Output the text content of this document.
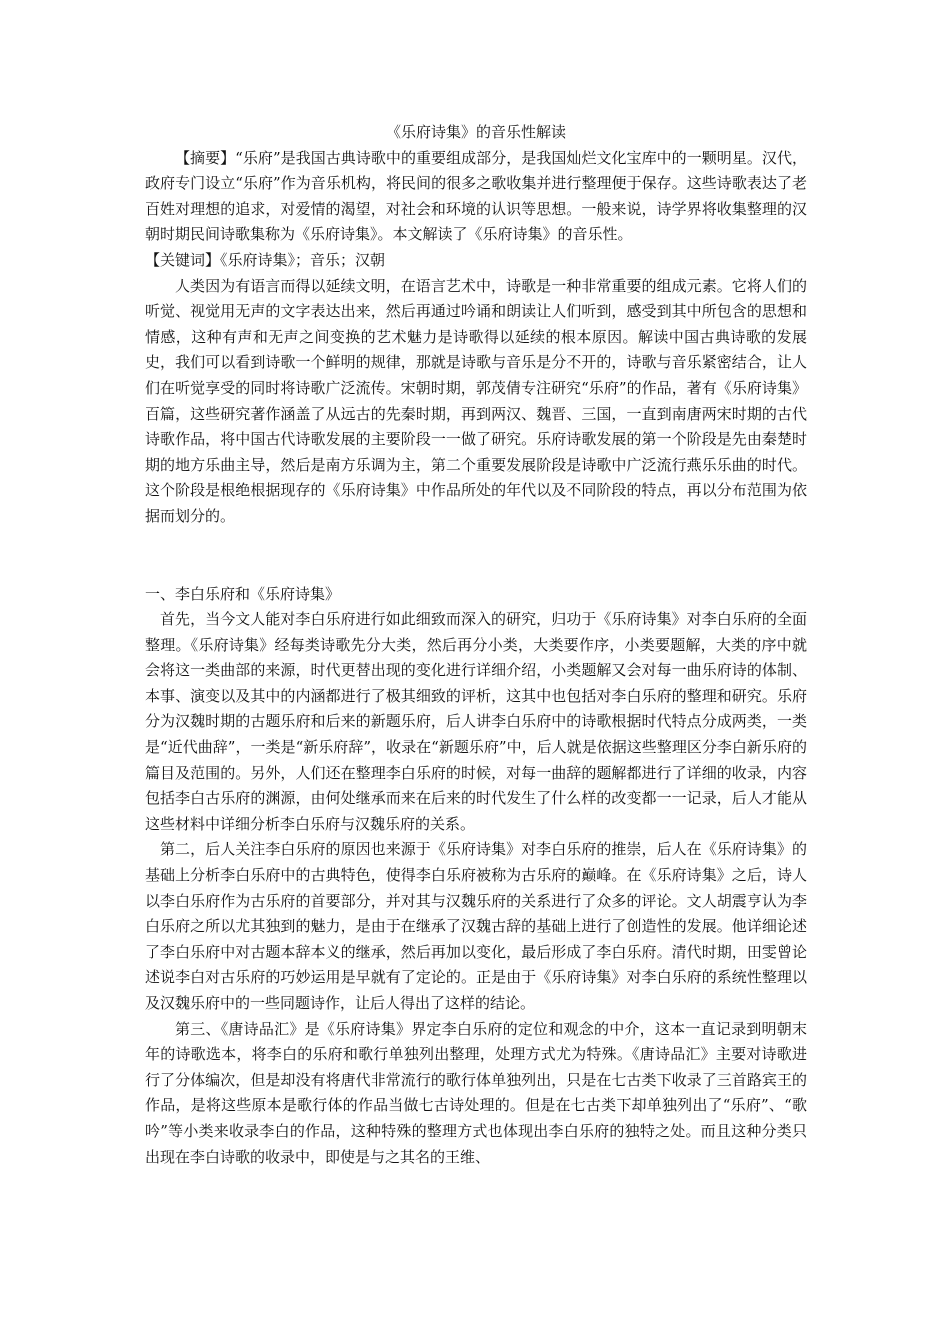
《乐府诗集》的音乐性解读

【摘要】“乐府”是我国古典诗歌中的重要组成部分，是我国灿烂文化宝库中的一颗明星。汉代，政府专门设立“乐府”作为音乐机构，将民间的很多之歌收集并进行整理便于保存。这些诗歌表达了老百姓对理想的追求，对爱情的渴望，对社会和环境的认识等思想。一般来说，诗学界将收集整理的汉朝时期民间诗歌集称为《乐府诗集》。本文解读了《乐府诗集》的音乐性。

【关键词】《乐府诗集》；音乐；汉朝

人类因为有语言而得以延续文明，在语言艺术中，诗歌是一种非常重要的组成元素。它将人们的听觉、视觉用无声的文字表达出来，然后再通过吟诵和朗读让人们听到，感受到其中所包含的思想和情感，这种有声和无声之间变换的艺术魅力是诗歌得以延续的根本原因。解读中国古典诗歌的发展史，我们可以看到诗歌一个鲜明的规律，那就是诗歌与音乐是分不开的，诗歌与音乐紧密结合，让人们在听觉享受的同时将诗歌广泛流传。宋朝时期，郭茂倩专注研究“乐府”的作品，著有《乐府诗集》百篇，这些研究著作涵盖了从远古的先秦时期，再到两汉、魏晋、三国，一直到南唐两宋时期的古代诗歌作品，将中国古代诗歌发展的主要阶段一一做了研究。乐府诗歌发展的第一个阶段是先由秦楚时期的地方乐曲主导，然后是南方乐调为主，第二个重要发展阶段是诗歌中广泛流行燕乐乐曲的时代。这个阶段是根绝根据现存的《乐府诗集》中作品所处的年代以及不同阶段的特点，再以分布范围为依据而划分的。

一、李白乐府和《乐府诗集》

首先，当今文人能对李白乐府进行如此细致而深入的研究，归功于《乐府诗集》对李白乐府的全面整理。《乐府诗集》经每类诗歌先分大类，然后再分小类，大类要作序，小类要题解，大类的序中就会将这一类曲部的来源，时代更替出现的变化进行详细介绍，小类题解又会对每一曲乐府诗的体制、本事、演变以及其中的内涵都进行了极其细致的评析，这其中也包括对李白乐府的整理和研究。乐府分为汉魏时期的古题乐府和后来的新题乐府，后人讲李白乐府中的诗歌根据时代特点分成两类，一类是“近代曲辞”，一类是“新乐府辞”，收录在“新题乐府”中，后人就是依据这些整理区分李白新乐府的篇目及范围的。另外，人们还在整理李白乐府的时候，对每一曲辞的题解都进行了详细的收录，内容包括李白古乐府的渊源，由何处继承而来在后来的时代发生了什么样的改变都一一记录，后人才能从这些材料中详细分析李白乐府与汉魏乐府的关系。

第二，后人关注李白乐府的原因也来源于《乐府诗集》对李白乐府的推崇，后人在《乐府诗集》的基础上分析李白乐府中的古典特色，使得李白乐府被称为古乐府的巅峰。在《乐府诗集》之后，诗人以李白乐府作为古乐府的首要部分，并对其与汉魏乐府的关系进行了众多的评论。文人胡震亨认为李白乐府之所以尤其独到的魅力，是由于在继承了汉魏古辞的基础上进行了创造性的发展。他详细论述了李白乐府中对古题本辞本义的继承，然后再加以变化，最后形成了李白乐府。清代时期，田雯曾论述说李白对古乐府的巧妙运用是早就有了定论的。正是由于《乐府诗集》对李白乐府的系统性整理以及汉魏乐府中的一些同题诗作，让后人得出了这样的结论。

第三、《唐诗品汇》是《乐府诗集》界定李白乐府的定位和观念的中介，这本一直记录到明朝末年的诗歌选本，将李白的乐府和歌行单独列出整理，处理方式尤为特殊。《唐诗品汇》主要对诗歌进行了分体编次，但是却没有将唐代非常流行的歌行体单独列出，只是在七古类下收录了三首路宾王的作品，是将这些原本是歌行体的作品当做七古诗处理的。但是在七古类下却单独列出了“乐府”、“歌吟”等小类来收录李白的作品，这种特殊的整理方式也体现出李白乐府的独特之处。而且这种分类只出现在李白诗歌的收录中，即使是与之其名的王维、
